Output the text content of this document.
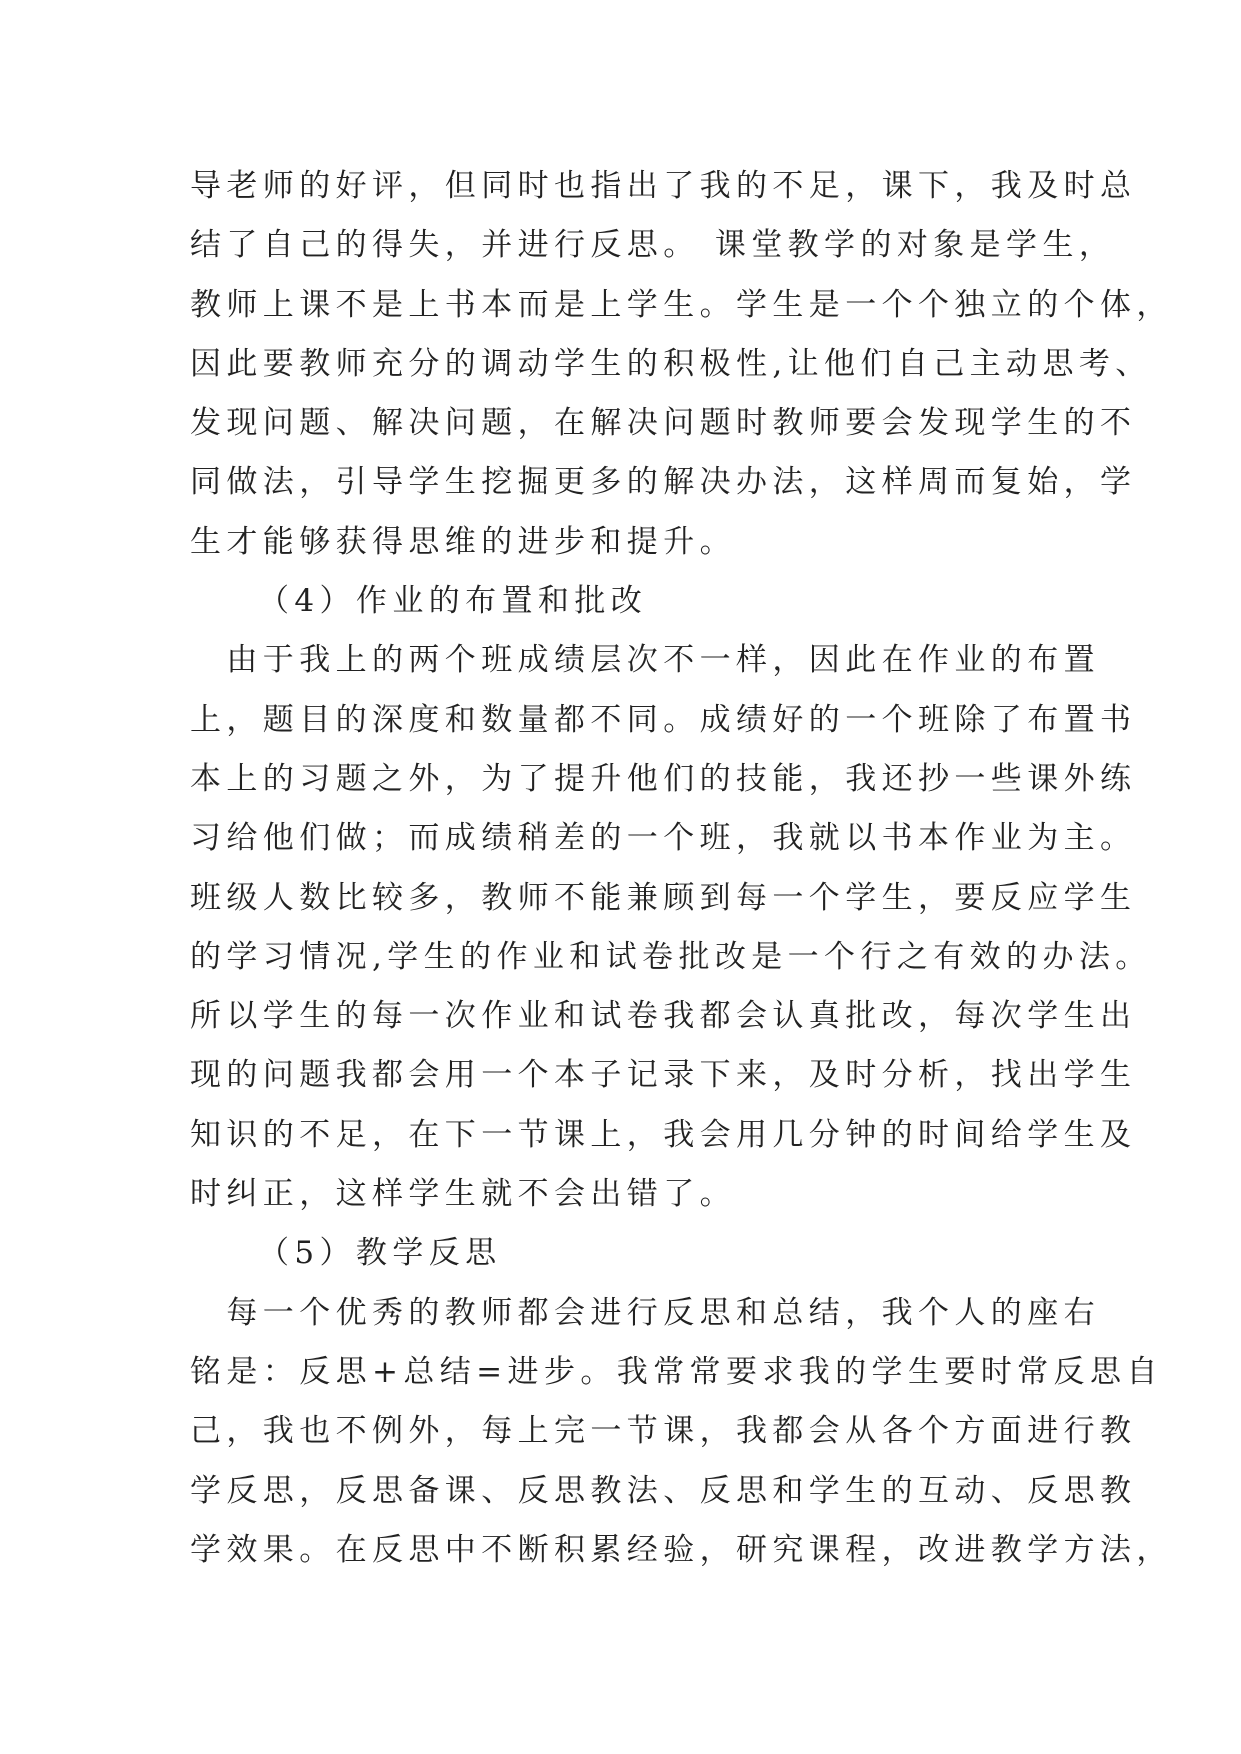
导老师的好评，但同时也指出了我的不足，课下，我及时总
结了自己的得失，并进行反思。 课堂教学的对象是学生，
教师上课不是上书本而是上学生。学生是一个个独立的个体，
因此要教师充分的调动学生的积极性,让他们自己主动思考、
发现问题、解决问题，在解决问题时教师要会发现学生的不
同做法，引导学生挖掘更多的解决办法，这样周而复始，学
生才能够获得思维的进步和提升。
（4）作业的布置和批改
　由于我上的两个班成绩层次不一样，因此在作业的布置
上，题目的深度和数量都不同。成绩好的一个班除了布置书
本上的习题之外，为了提升他们的技能，我还抄一些课外练
习给他们做；而成绩稍差的一个班，我就以书本作业为主。
班级人数比较多，教师不能兼顾到每一个学生，要反应学生
的学习情况,学生的作业和试卷批改是一个行之有效的办法。
所以学生的每一次作业和试卷我都会认真批改，每次学生出
现的问题我都会用一个本子记录下来，及时分析，找出学生
知识的不足，在下一节课上，我会用几分钟的时间给学生及
时纠正，这样学生就不会出错了。
（5）教学反思
　每一个优秀的教师都会进行反思和总结，我个人的座右
铭是：反思+总结=进步。我常常要求我的学生要时常反思自
己，我也不例外，每上完一节课，我都会从各个方面进行教
学反思，反思备课、反思教法、反思和学生的互动、反思教
学效果。在反思中不断积累经验，研究课程，改进教学方法，
